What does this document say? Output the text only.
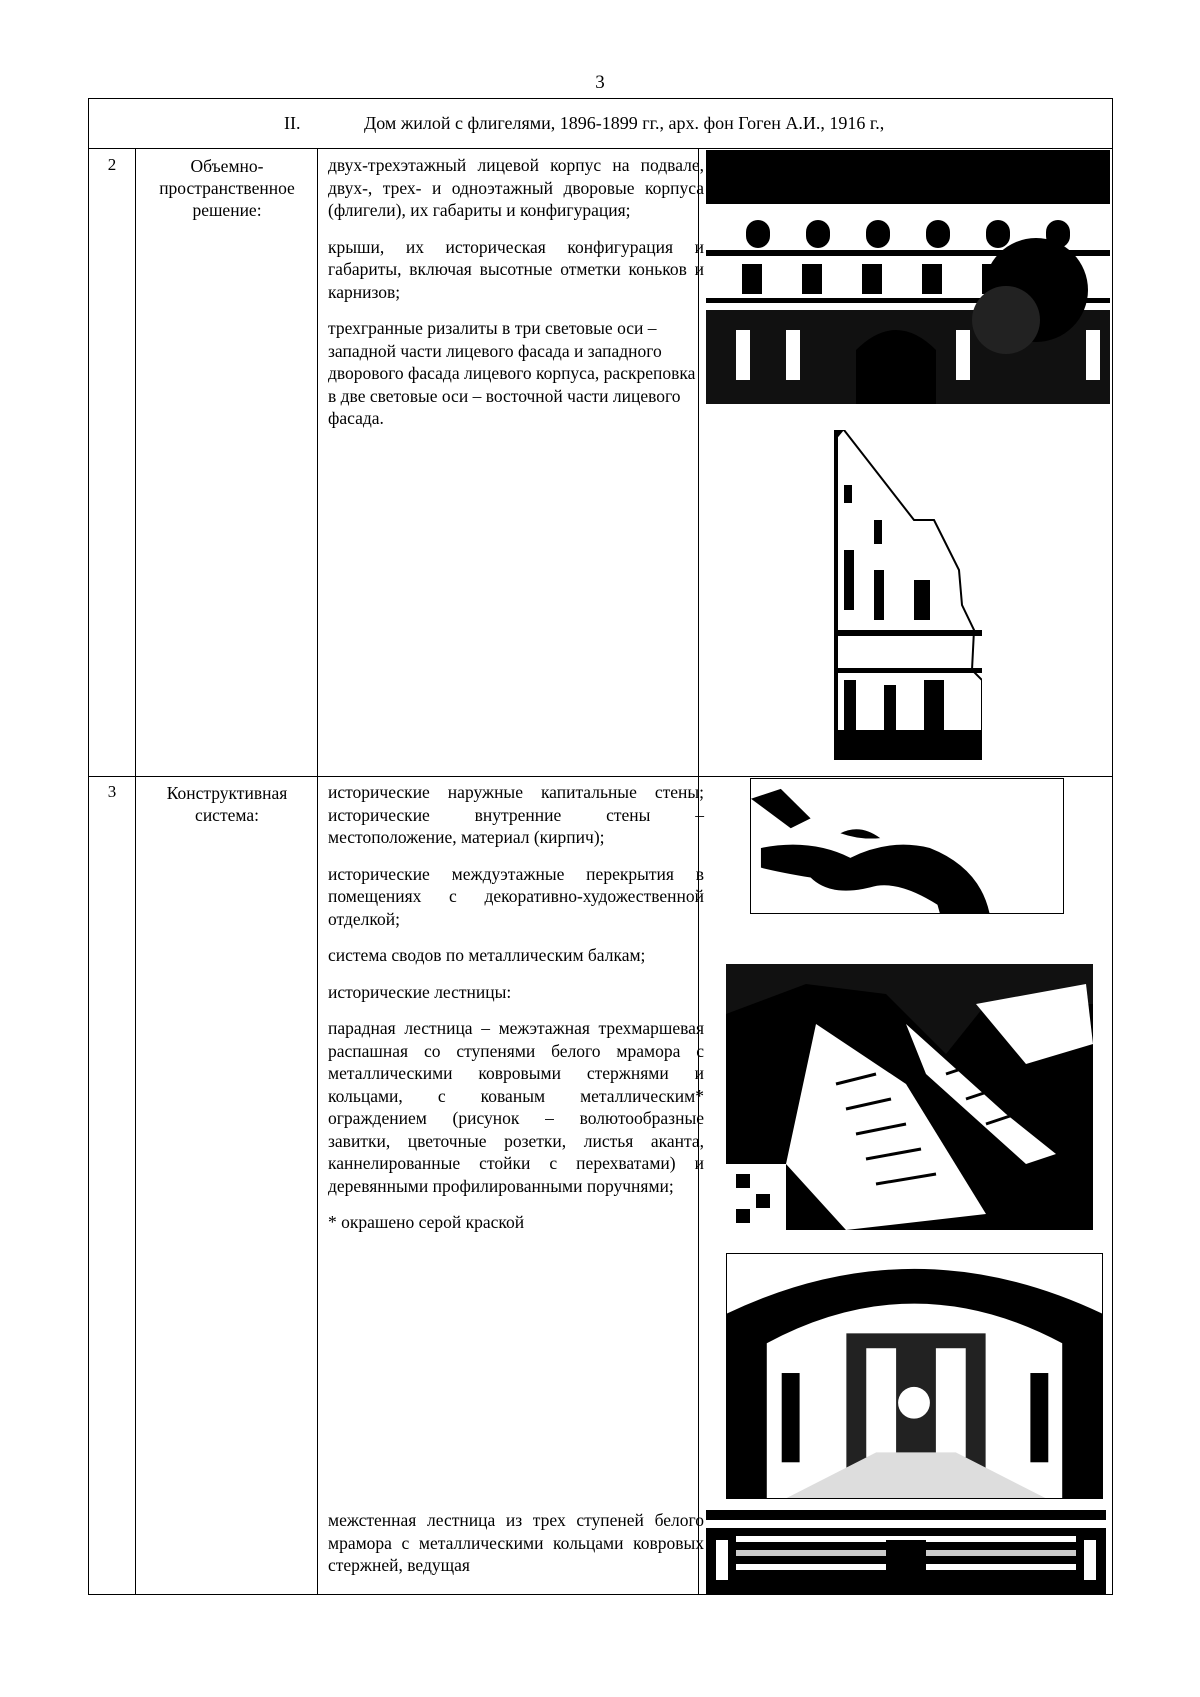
3
II.	Дом жилой с флигелями, 1896-1899 гг., арх. фон Гоген А.И., 1916 г.,
2	Объемно-пространственное решение:

двух-трехэтажный лицевой корпус на подвале, двух-, трех- и одноэтажный дворовые корпуса (флигели), их габариты и конфигурация;

крыши, их историческая конфигурация и габариты, включая высотные отметки коньков и карнизов;

трехгранные ризалиты в три световые оси – западной части лицевого фасада и западного дворового фасада лицевого корпуса, раскреповка в две световые оси – восточной части лицевого фасада.

3	Конструктивная система:

исторические наружные капитальные стены; исторические внутренние стены – местоположение, материал (кирпич);

исторические междуэтажные перекрытия в помещениях с декоративно-художественной отделкой;

система сводов по металлическим балкам;

исторические лестницы:

парадная лестница – межэтажная трехмаршевая распашная со ступенями белого мрамора с металлическими ковровыми стержнями и кольцами, с кованым металлическим* ограждением (рисунок – волютообразные завитки, цветочные розетки, листья аканта, каннелированные стойки с перехватами) и деревянными профилированными поручнями;

* окрашено серой краской

межстенная лестница из трех ступеней белого мрамора с металлическими кольцами ковровых стержней, ведущая
